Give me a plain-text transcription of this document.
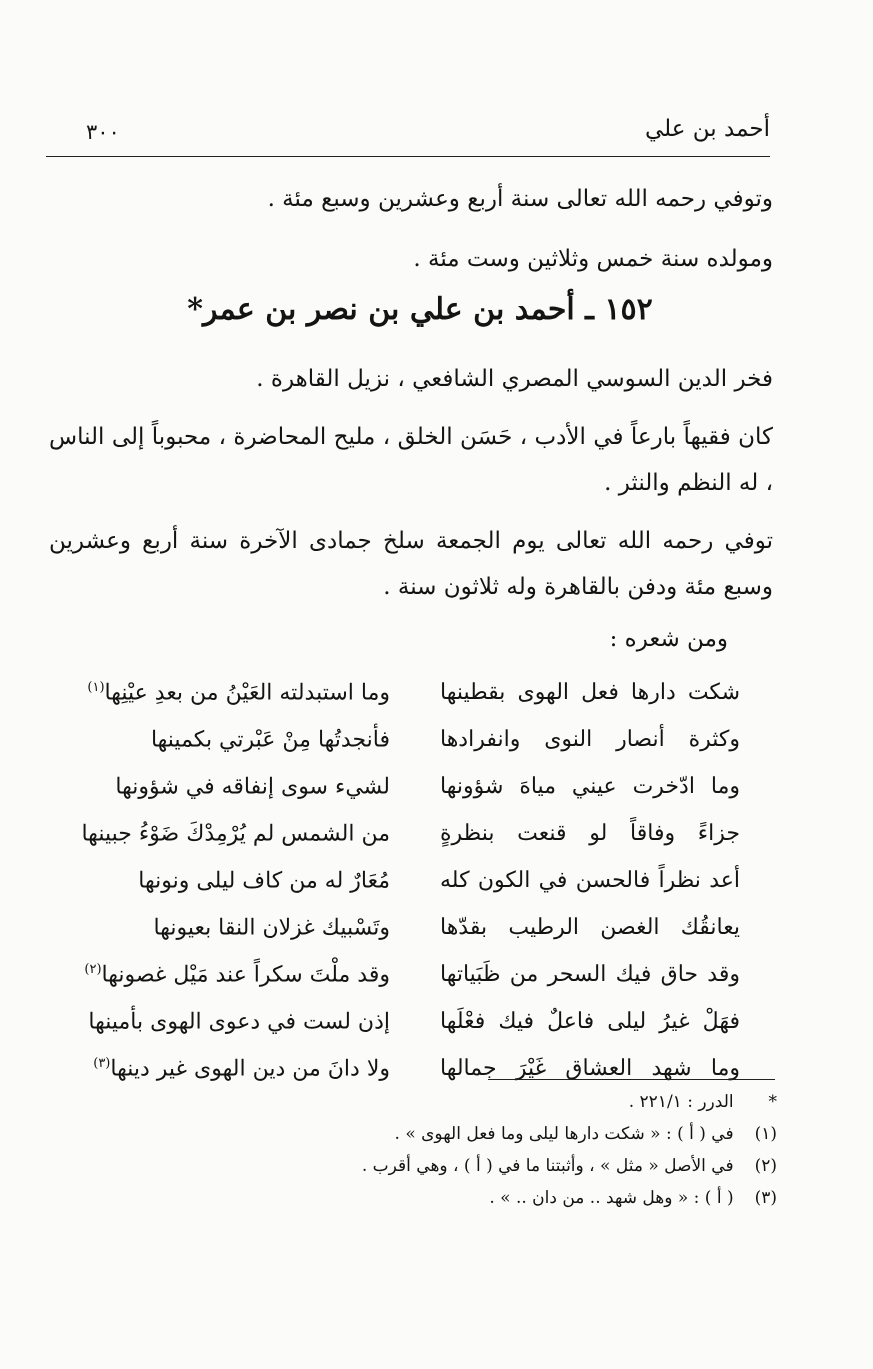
أحمد بن علي
٣٠٠
وتوفي رحمه الله تعالى سنة أربع وعشرين وسبع مئة .
ومولده سنة خمس وثلاثين وست مئة .
١٥٢ ـ أحمد بن علي بن نصر بن عمر*
فخر الدين السوسي المصري الشافعي ، نزيل القاهرة .
كان فقيهاً بارعاً في الأدب ، حَسَن الخلق ، مليح المحاضرة ، محبوباً إلى الناس ، له النظم والنثر .
توفي رحمه الله تعالى يوم الجمعة سلخ جمادى الآخرة سنة أربع وعشرين وسبع مئة ودفن بالقاهرة وله ثلاثون سنة .
ومن شعره :
شكت دارها فعل الهوى بقطينها
وما استبدلته العَيْنُ من بعدِ عيْنِها$^{(١)}$
وكثرة أنصار النوى وانفرادها
فأنجدتُها مِنْ عَبْرتي بكمينها
وما ادّخرت عيني مياهَ شؤونها
لشيء سوى إنفاقه في شؤونها
جزاءً وفاقاً لو قنعت بنظرةٍ
من الشمس لم يُرْمِدْكَ ضَوْءُ جبينها
أعد نظراً فالحسن في الكون كله
مُعَارٌ له من كاف ليلى ونونها
يعانقُك الغصن الرطيب بقدّها
وتَسْبيك غزلان النقا بعيونها
وقد حاق فيك السحر من ظَبَياتها
وقد ملْتَ سكراً عند مَيْل غصونها$^{(٢)}$
فهَلْ غيرُ ليلى فاعلٌ فيك فعْلَها
إذن لست في دعوى الهوى بأمينها
وما شهد العشاق غَيْرَ جمالها
ولا دانَ من دين الهوى غير دينها$^{(٣)}$
* الدرر : ٢٢١/١ .
(١) في ( أ ) : « شكت دارها ليلى وما فعل الهوى » .
(٢) في الأصل « مثل » ، وأثبتنا ما في ( أ ) ، وهي أقرب .
(٣) ( أ ) : « وهل شهد .. من دان .. » .
